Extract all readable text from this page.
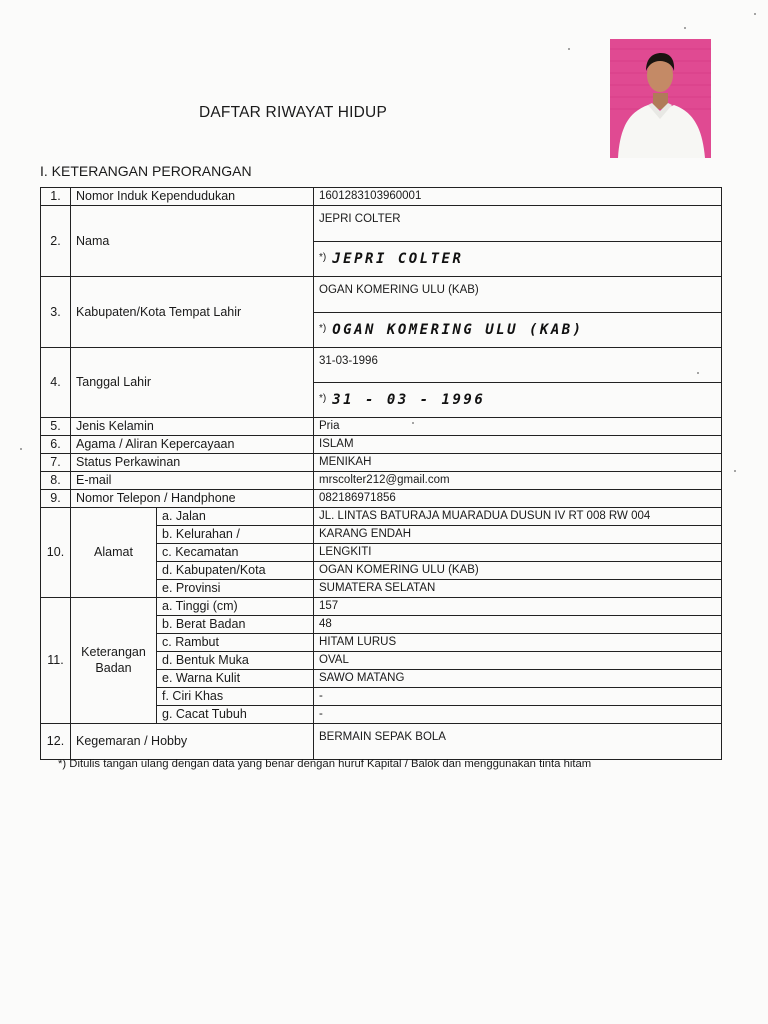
DAFTAR RIWAYAT HIDUP
I. KETERANGAN PERORANGAN
1.	Nomor Induk Kependudukan		1601283103960001
2.	Nama		JEPRI COLTER
			*) JEPRI COLTER
3.	Kabupaten/Kota Tempat Lahir		OGAN KOMERING ULU (KAB)
			*) OGAN KOMERING ULU (KAB)
4.	Tanggal Lahir		31-03-1996
			*) 31 - 03 - 1996
5.	Jenis Kelamin		Pria
6.	Agama / Aliran Kepercayaan		ISLAM
7.	Status Perkawinan		MENIKAH
8.	E-mail		mrscolter212@gmail.com
9.	Nomor Telepon / Handphone		082186971856
10.	Alamat	a. Jalan	JL. LINTAS BATURAJA MUARADUA DUSUN IV RT 008 RW 004
		b. Kelurahan /	KARANG ENDAH
		c. Kecamatan	LENGKITI
		d. Kabupaten/Kota	OGAN KOMERING ULU (KAB)
		e. Provinsi	SUMATERA SELATAN
11.	Keterangan Badan	a. Tinggi (cm)	157
		b. Berat Badan	48
		c. Rambut	HITAM LURUS
		d. Bentuk Muka	OVAL
		e. Warna Kulit	SAWO MATANG
		f. Ciri Khas	-
		g. Cacat Tubuh	-
12.	Kegemaran / Hobby		BERMAIN SEPAK BOLA
*) Ditulis tangan ulang dengan data yang benar dengan huruf Kapital / Balok dan menggunakan tinta hitam
